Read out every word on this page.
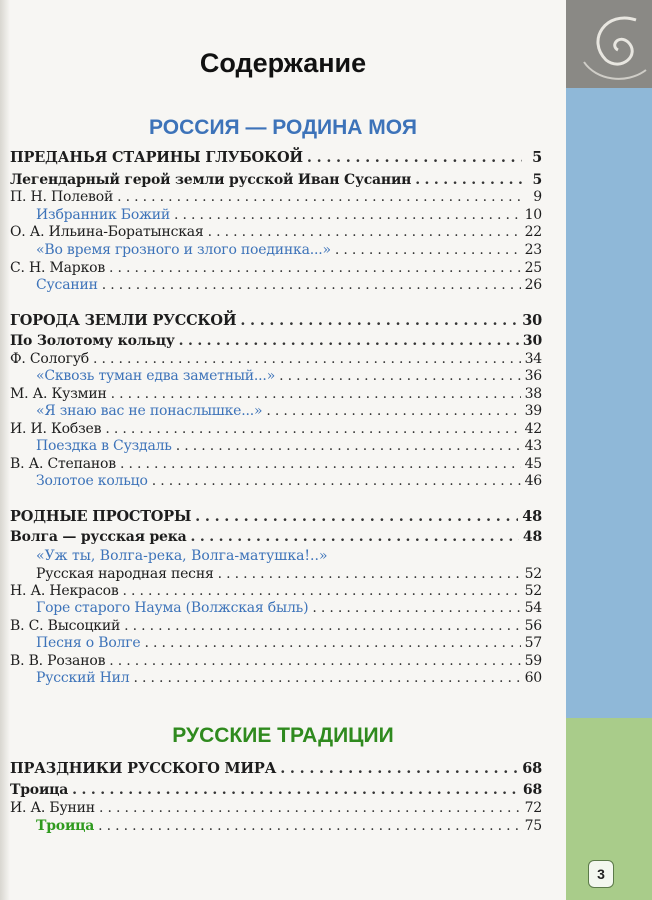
Содержание
РОССИЯ — РОДИНА МОЯ
ПРЕДАНЬЯ СТАРИНЫ ГЛУБОКОЙ . . .	5
Легендарный герой земли русской Иван Сусанин . . .	5
П. Н. Полевой . . .	9
Избранник Божий . . .	10
О. А. Ильина-Боратынская . . .	22
«Во время грозного и злого поединка...» . . .	23
С. Н. Марков . . .	25
Сусанин . . .	26
ГОРОДА ЗЕМЛИ РУССКОЙ . . .	30
По Золотому кольцу . . .	30
Ф. Сологуб . . .	34
«Сквозь туман едва заметный...» . . .	36
М. А. Кузмин . . .	38
«Я знаю вас не понаслышке...» . . .	39
И. И. Кобзев . . .	42
Поездка в Суздаль . . .	43
В. А. Степанов . . .	45
Золотое кольцо . . .	46
РОДНЫЕ ПРОСТОРЫ . . .	48
Волга — русская река . . .	48
«Уж ты, Волга-река, Волга-матушка!..»
Русская народная песня . . .	52
Н. А. Некрасов . . .	52
Горе старого Наума (Волжская быль) . . .	54
В. С. Высоцкий . . .	56
Песня о Волге . . .	57
В. В. Розанов . . .	59
Русский Нил . . .	60
РУССКИЕ ТРАДИЦИИ
ПРАЗДНИКИ РУССКОГО МИРА . . .	68
Троица . . .	68
И. А. Бунин . . .	72
Троица . . .	75
3
